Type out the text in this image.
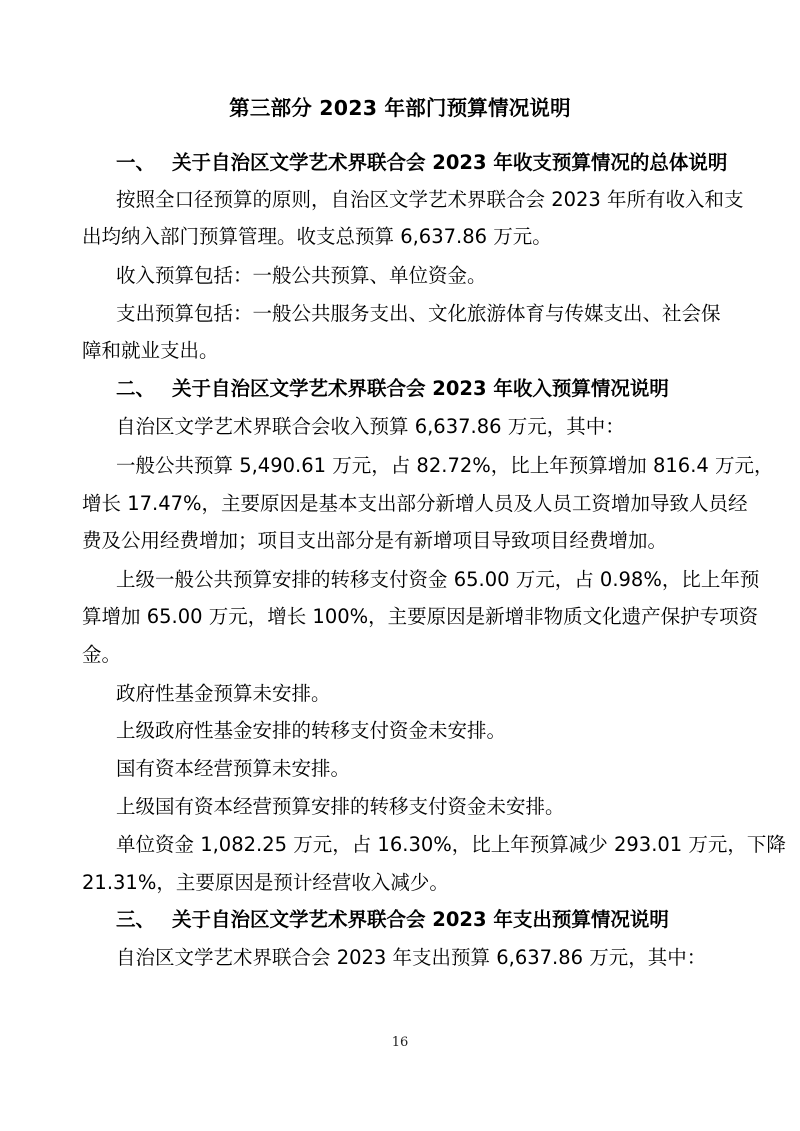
第三部分 2023 年部门预算情况说明
一、 关于自治区文学艺术界联合会 2023 年收支预算情况的总体说明
按照全口径预算的原则，自治区文学艺术界联合会 2023 年所有收入和支
出均纳入部门预算管理。收支总预算 6,637.86 万元。
收入预算包括：一般公共预算、单位资金。
支出预算包括：一般公共服务支出、文化旅游体育与传媒支出、社会保
障和就业支出。
二、 关于自治区文学艺术界联合会 2023 年收入预算情况说明
自治区文学艺术界联合会收入预算 6,637.86 万元，其中：
一般公共预算 5,490.61 万元，占 82.72%，比上年预算增加 816.4 万元，
增长 17.47%，主要原因是基本支出部分新增人员及人员工资增加导致人员经
费及公用经费增加；项目支出部分是有新增项目导致项目经费增加。
上级一般公共预算安排的转移支付资金 65.00 万元，占 0.98%，比上年预
算增加 65.00 万元，增长 100%，主要原因是新增非物质文化遗产保护专项资
金。
政府性基金预算未安排。
上级政府性基金安排的转移支付资金未安排。
国有资本经营预算未安排。
上级国有资本经营预算安排的转移支付资金未安排。
单位资金 1,082.25 万元，占 16.30%，比上年预算减少 293.01 万元，下降
21.31%，主要原因是预计经营收入减少。
三、 关于自治区文学艺术界联合会 2023 年支出预算情况说明
自治区文学艺术界联合会 2023 年支出预算 6,637.86 万元，其中：
16
